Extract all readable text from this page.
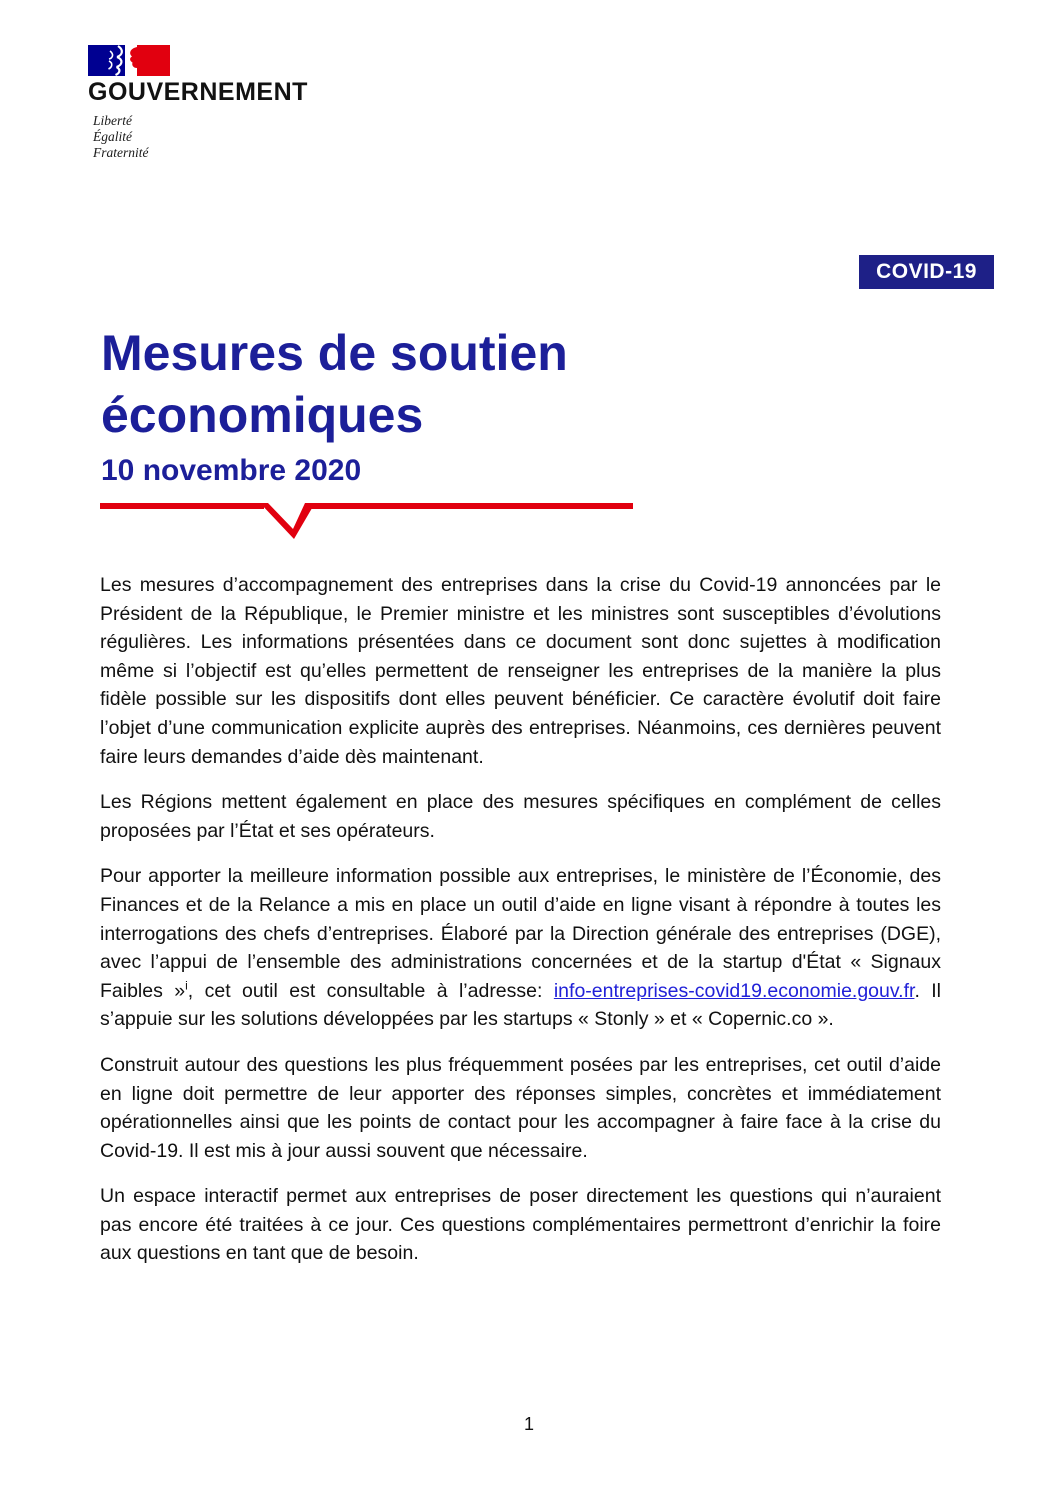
GOUVERNEMENT
Liberté
Égalité
Fraternité
COVID-19
Mesures de soutien
économiques
10 novembre 2020

Les mesures d’accompagnement des entreprises dans la crise du Covid-19 annoncées par le Président de la République, le Premier ministre et les ministres sont susceptibles d’évolutions régulières. Les informations présentées dans ce document sont donc sujettes à modification même si l’objectif est qu’elles permettent de renseigner les entreprises de la manière la plus fidèle possible sur les dispositifs dont elles peuvent bénéficier. Ce caractère évolutif doit faire l’objet d’une communication explicite auprès des entreprises. Néanmoins, ces dernières peuvent faire leurs demandes d’aide dès maintenant.

Les Régions mettent également en place des mesures spécifiques en complément de celles proposées par l’État et ses opérateurs.

Pour apporter la meilleure information possible aux entreprises, le ministère de l’Économie, des Finances et de la Relance a mis en place un outil d’aide en ligne visant à répondre à toutes les interrogations des chefs d’entreprises. Élaboré par la Direction générale des entreprises (DGE), avec l’appui de l’ensemble des administrations concernées et de la startup d'État « Signaux Faibles »$^i$, cet outil est consultable à l’adresse: info-entreprises-covid19.economie.gouv.fr. Il s’appuie sur les solutions développées par les startups « Stonly » et « Copernic.co ».

Construit autour des questions les plus fréquemment posées par les entreprises, cet outil d’aide en ligne doit permettre de leur apporter des réponses simples, concrètes et immédiatement opérationnelles ainsi que les points de contact pour les accompagner à faire face à la crise du Covid-19. Il est mis à jour aussi souvent que nécessaire.

Un espace interactif permet aux entreprises de poser directement les questions qui n’auraient pas encore été traitées à ce jour. Ces questions complémentaires permettront d’enrichir la foire aux questions en tant que de besoin.

1
